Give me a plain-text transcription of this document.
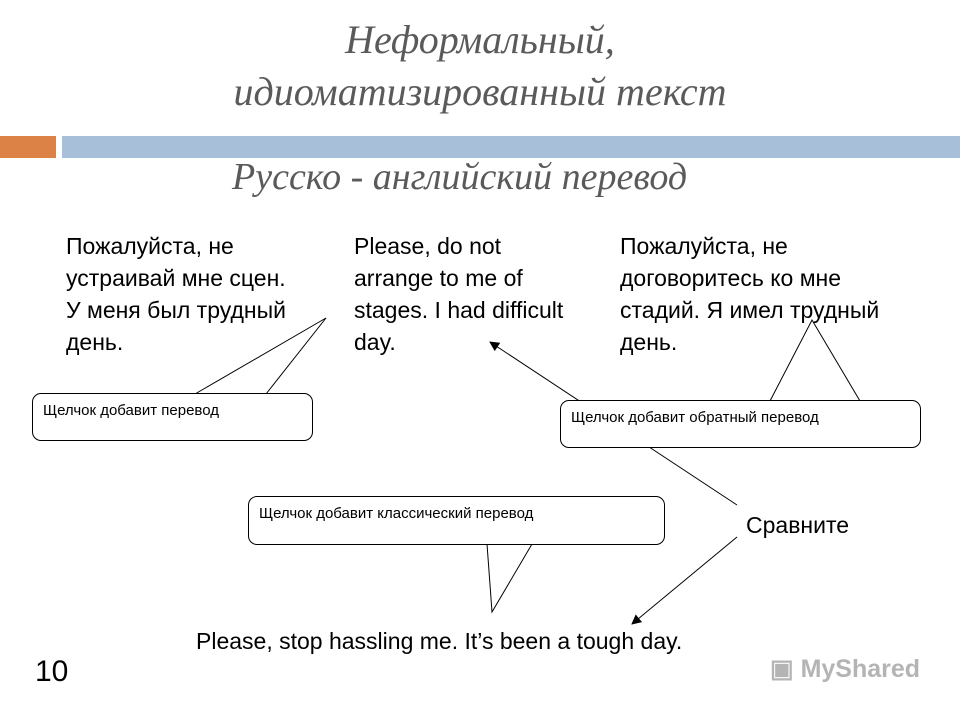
Неформальный,
идиоматизированный текст
Русско - английский перевод
Пожалуйста, не устраивай мне сцен. У меня был трудный день.
Please, do not arrange to me of stages. I had difficult day.
Пожалуйста, не договоритесь ко мне стадий. Я имел трудный день.
Щелчок добавит перевод	Щелчок добавит обратный перевод
Щелчок добавит классический перевод	Сравните
Please, stop hassling me. It’s been a tough day.
10	▣ MyShared
